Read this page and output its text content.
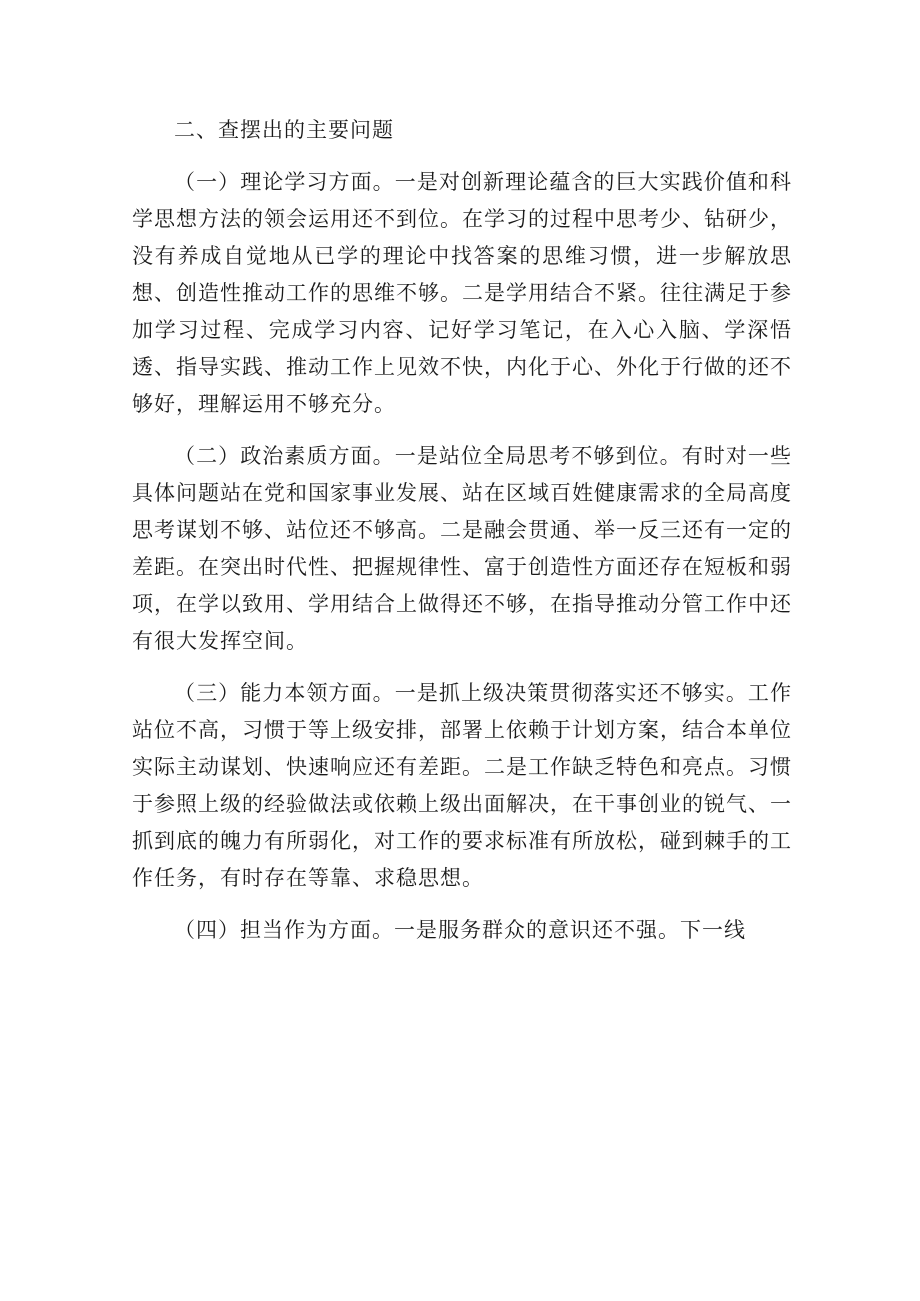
二、查摆出的主要问题

（一）理论学习方面。一是对创新理论蕴含的巨大实践价值和科学思想方法的领会运用还不到位。在学习的过程中思考少、钻研少，没有养成自觉地从已学的理论中找答案的思维习惯，进一步解放思想、创造性推动工作的思维不够。二是学用结合不紧。往往满足于参加学习过程、完成学习内容、记好学习笔记，在入心入脑、学深悟透、指导实践、推动工作上见效不快，内化于心、外化于行做的还不够好，理解运用不够充分。

（二）政治素质方面。一是站位全局思考不够到位。有时对一些具体问题站在党和国家事业发展、站在区域百姓健康需求的全局高度思考谋划不够、站位还不够高。二是融会贯通、举一反三还有一定的差距。在突出时代性、把握规律性、富于创造性方面还存在短板和弱项，在学以致用、学用结合上做得还不够，在指导推动分管工作中还有很大发挥空间。

（三）能力本领方面。一是抓上级决策贯彻落实还不够实。工作站位不高，习惯于等上级安排，部署上依赖于计划方案，结合本单位实际主动谋划、快速响应还有差距。二是工作缺乏特色和亮点。习惯于参照上级的经验做法或依赖上级出面解决，在干事创业的锐气、一抓到底的魄力有所弱化，对工作的要求标准有所放松，碰到棘手的工作任务，有时存在等靠、求稳思想。

（四）担当作为方面。一是服务群众的意识还不强。下一线
